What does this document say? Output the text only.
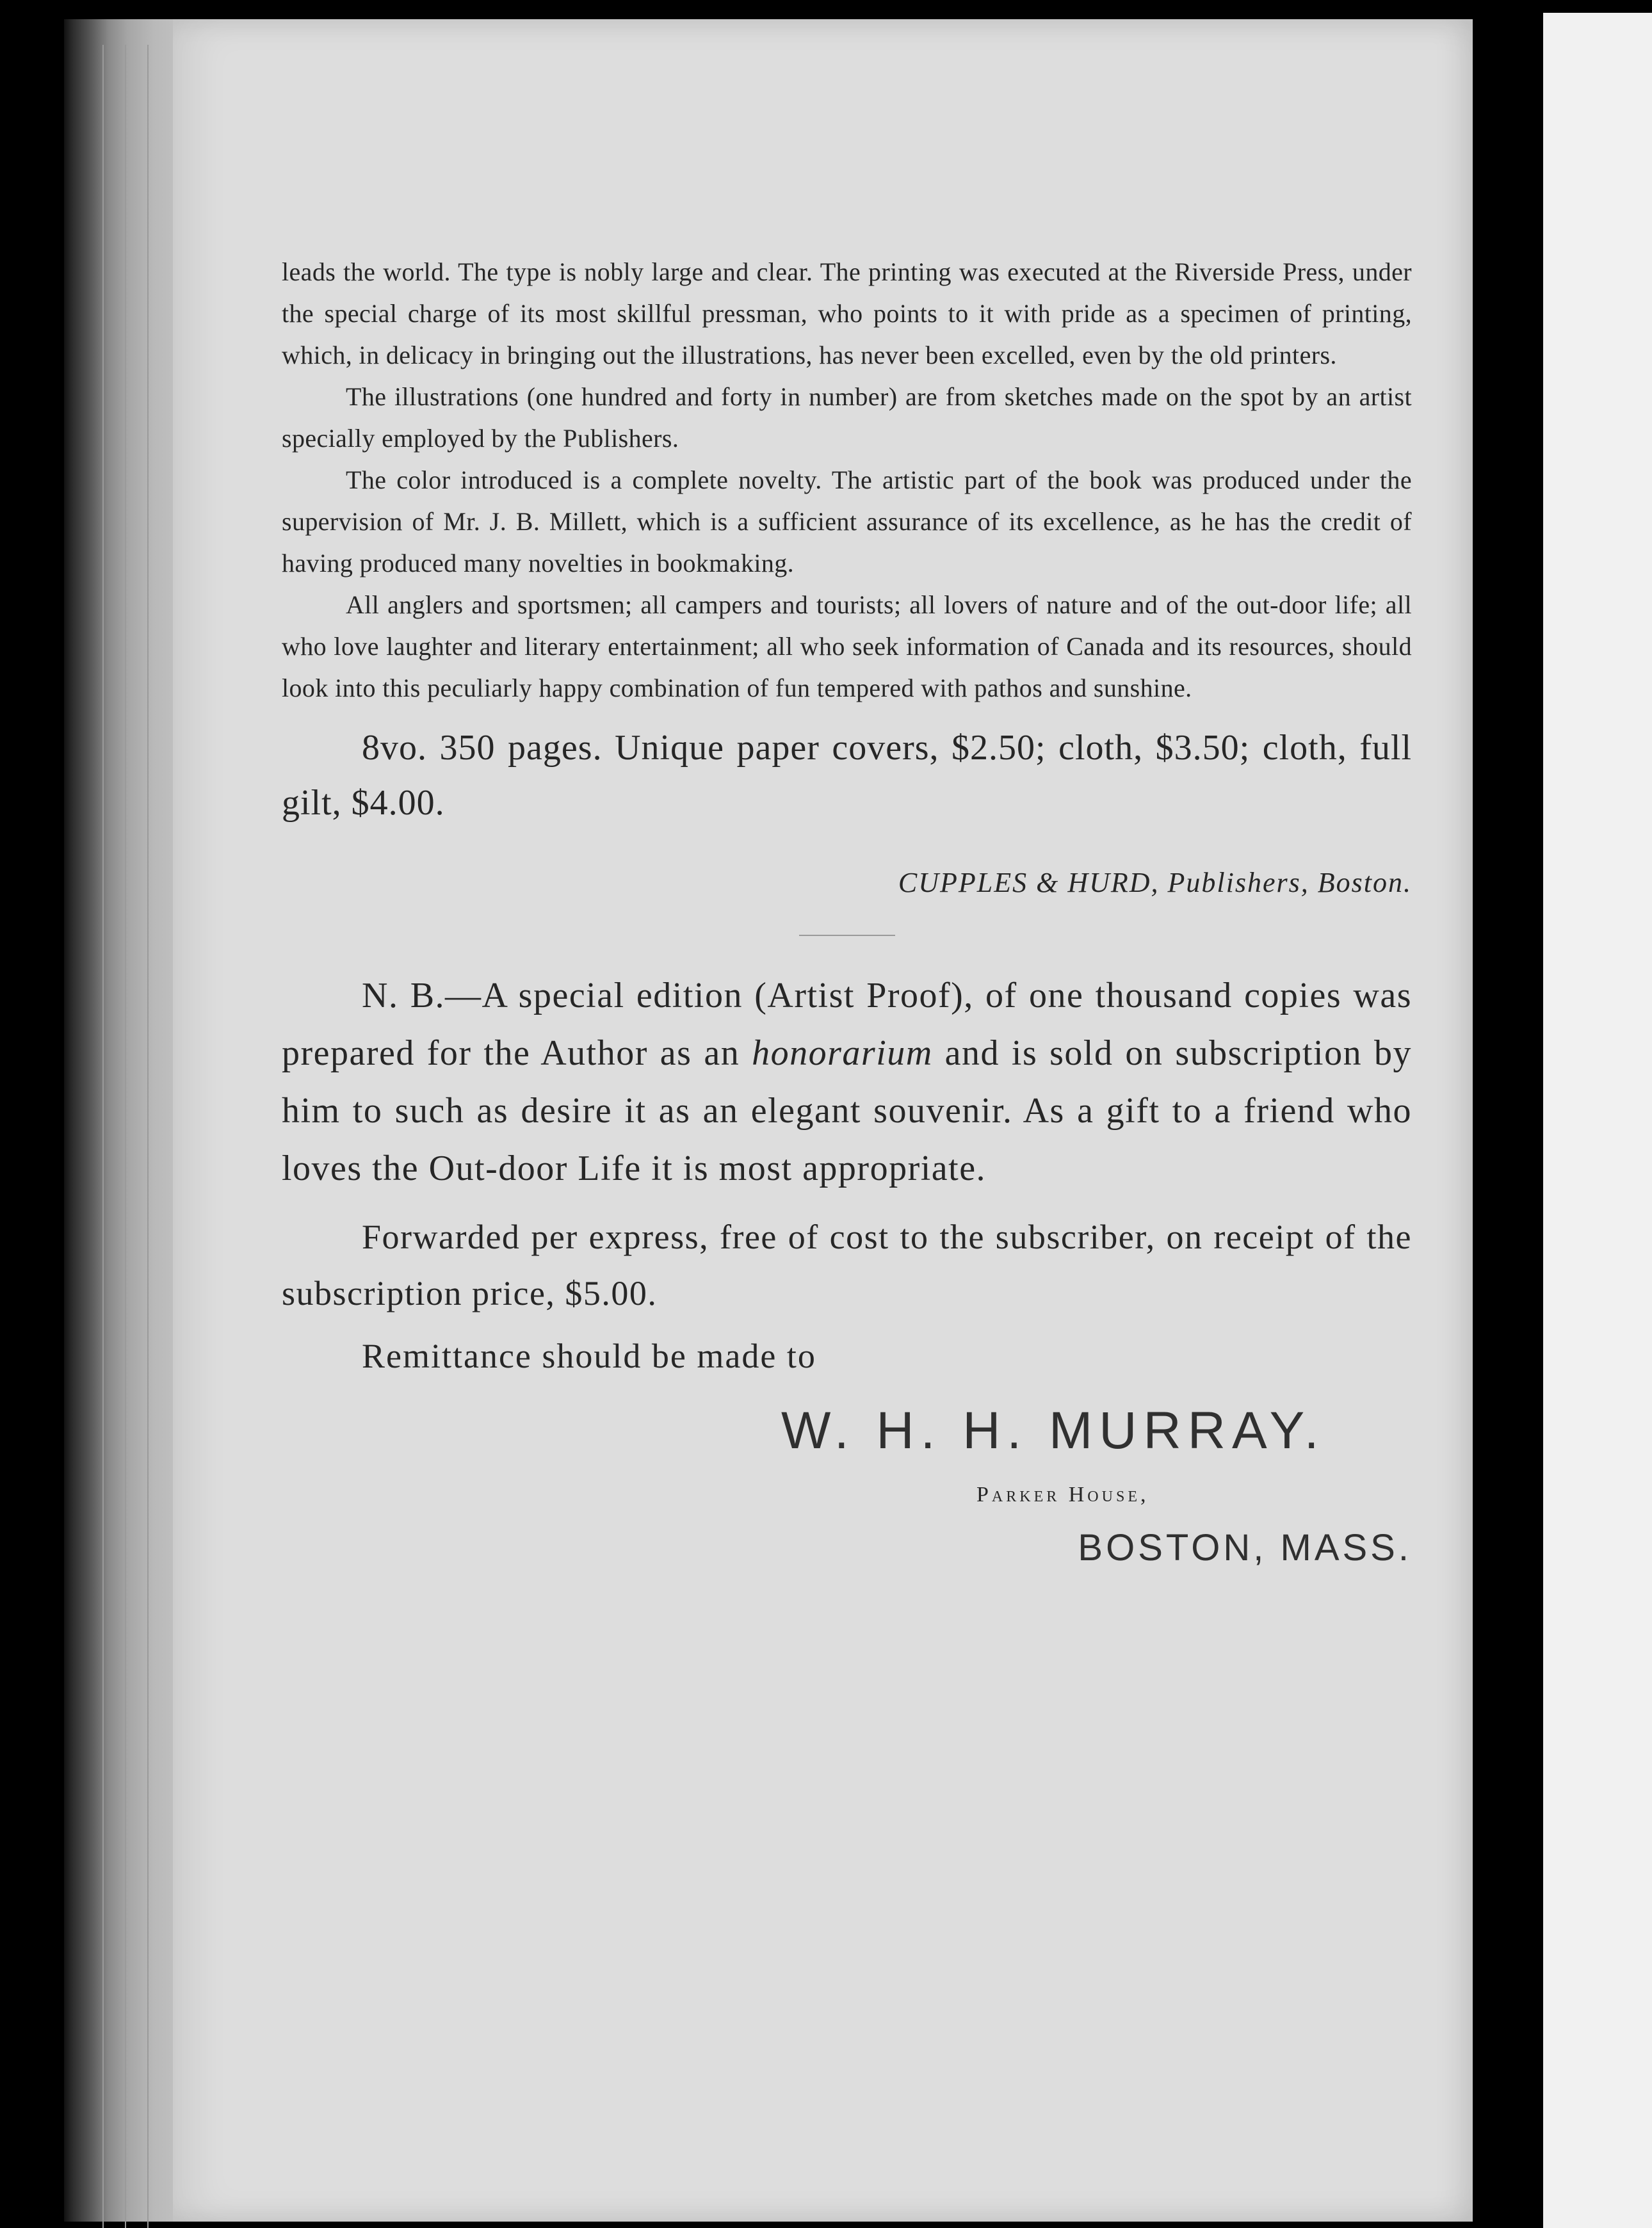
leads the world. The type is nobly large and clear. The printing was executed at the Riverside Press, under the special charge of its most skillful pressman, who points to it with pride as a specimen of printing, which, in delicacy in bringing out the illustrations, has never been excelled, even by the old printers.

The illustrations (one hundred and forty in number) are from sketches made on the spot by an artist specially employed by the Publishers.

The color introduced is a complete novelty. The artistic part of the book was produced under the supervision of Mr. J. B. Millett, which is a sufficient assurance of its excellence, as he has the credit of having produced many novelties in bookmaking.

All anglers and sportsmen; all campers and tourists; all lovers of nature and of the out-door life; all who love laughter and literary entertainment; all who seek information of Canada and its resources, should look into this peculiarly happy combination of fun tempered with pathos and sunshine.

8vo. 350 pages. Unique paper covers, $2.50; cloth, $3.50; cloth, full gilt, $4.00.

CUPPLES & HURD, Publishers, Boston.

N. B.—A special edition (Artist Proof), of one thousand copies was prepared for the Author as an honorarium and is sold on subscription by him to such as desire it as an elegant souvenir. As a gift to a friend who loves the Out-door Life it is most appropriate.

Forwarded per express, free of cost to the subscriber, on receipt of the subscription price, $5.00.

Remittance should be made to

W. H. H. MURRAY.
Parker House,
BOSTON, MASS.
